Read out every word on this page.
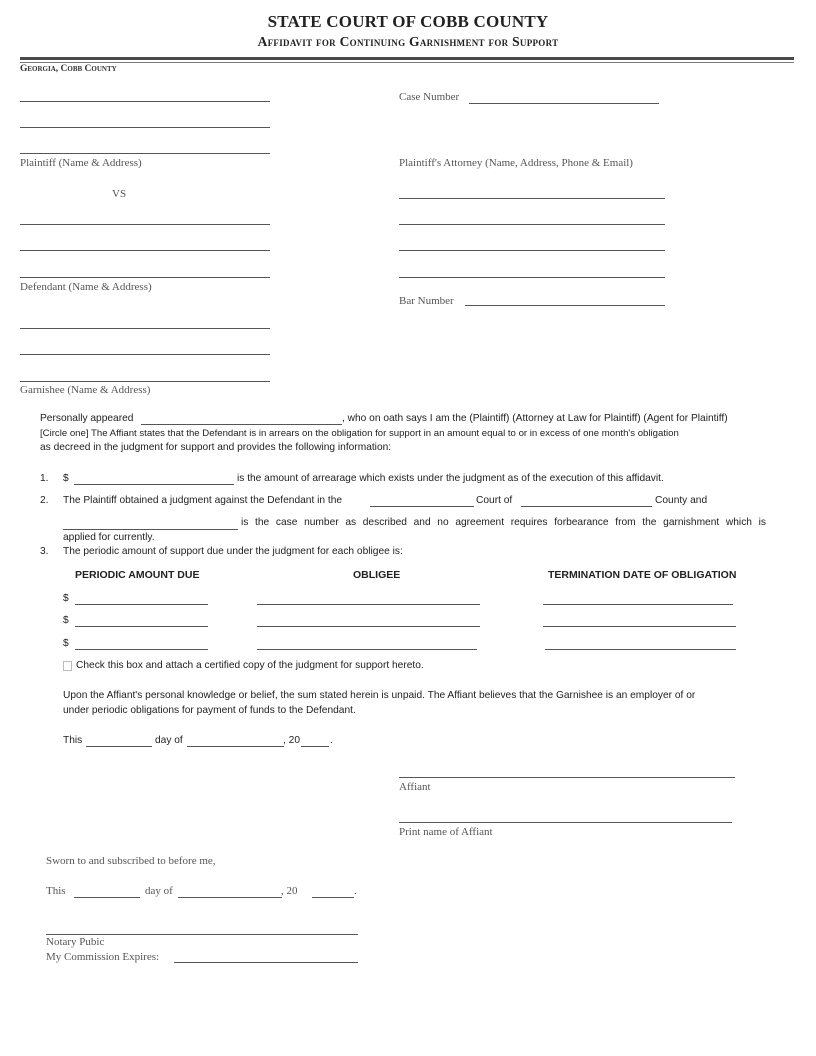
STATE COURT OF COBB COUNTY
Affidavit for Continuing Garnishment for Support
Georgia, Cobb County
Plaintiff (Name & Address)
VS
Defendant (Name & Address)
Garnishee (Name & Address)
Case Number
Plaintiff's Attorney (Name, Address, Phone & Email)
Bar Number
Personally appeared	, who on oath says I am the (Plaintiff) (Attorney at Law for Plaintiff) (Agent for Plaintiff)
[Circle one] The Affiant states that the Defendant is in arrears on the obligation for support in an amount equal to or in excess of one month's obligation
as decreed in the judgment for support and provides the following information:
1. $	is the amount of arrearage which exists under the judgment as of the execution of this affidavit.
2. The Plaintiff obtained a judgment against the Defendant in the	Court of	County and
is the case number as described and no agreement requires forbearance from the garnishment which is
applied for currently.
3. The periodic amount of support due under the judgment for each obligee is:
PERIODIC AMOUNT DUE	OBLIGEE	TERMINATION DATE OF OBLIGATION
$
$
$
Check this box and attach a certified copy of the judgment for support hereto.
Upon the Affiant's personal knowledge or belief, the sum stated herein is unpaid. The Affiant believes that the Garnishee is an employer of or
under periodic obligations for payment of funds to the Defendant.
This	day of	, 20	.
Affiant
Print name of Affiant
Sworn to and subscribed to before me,
This	day of	, 20	.
Notary Pubic
My Commission Expires:
